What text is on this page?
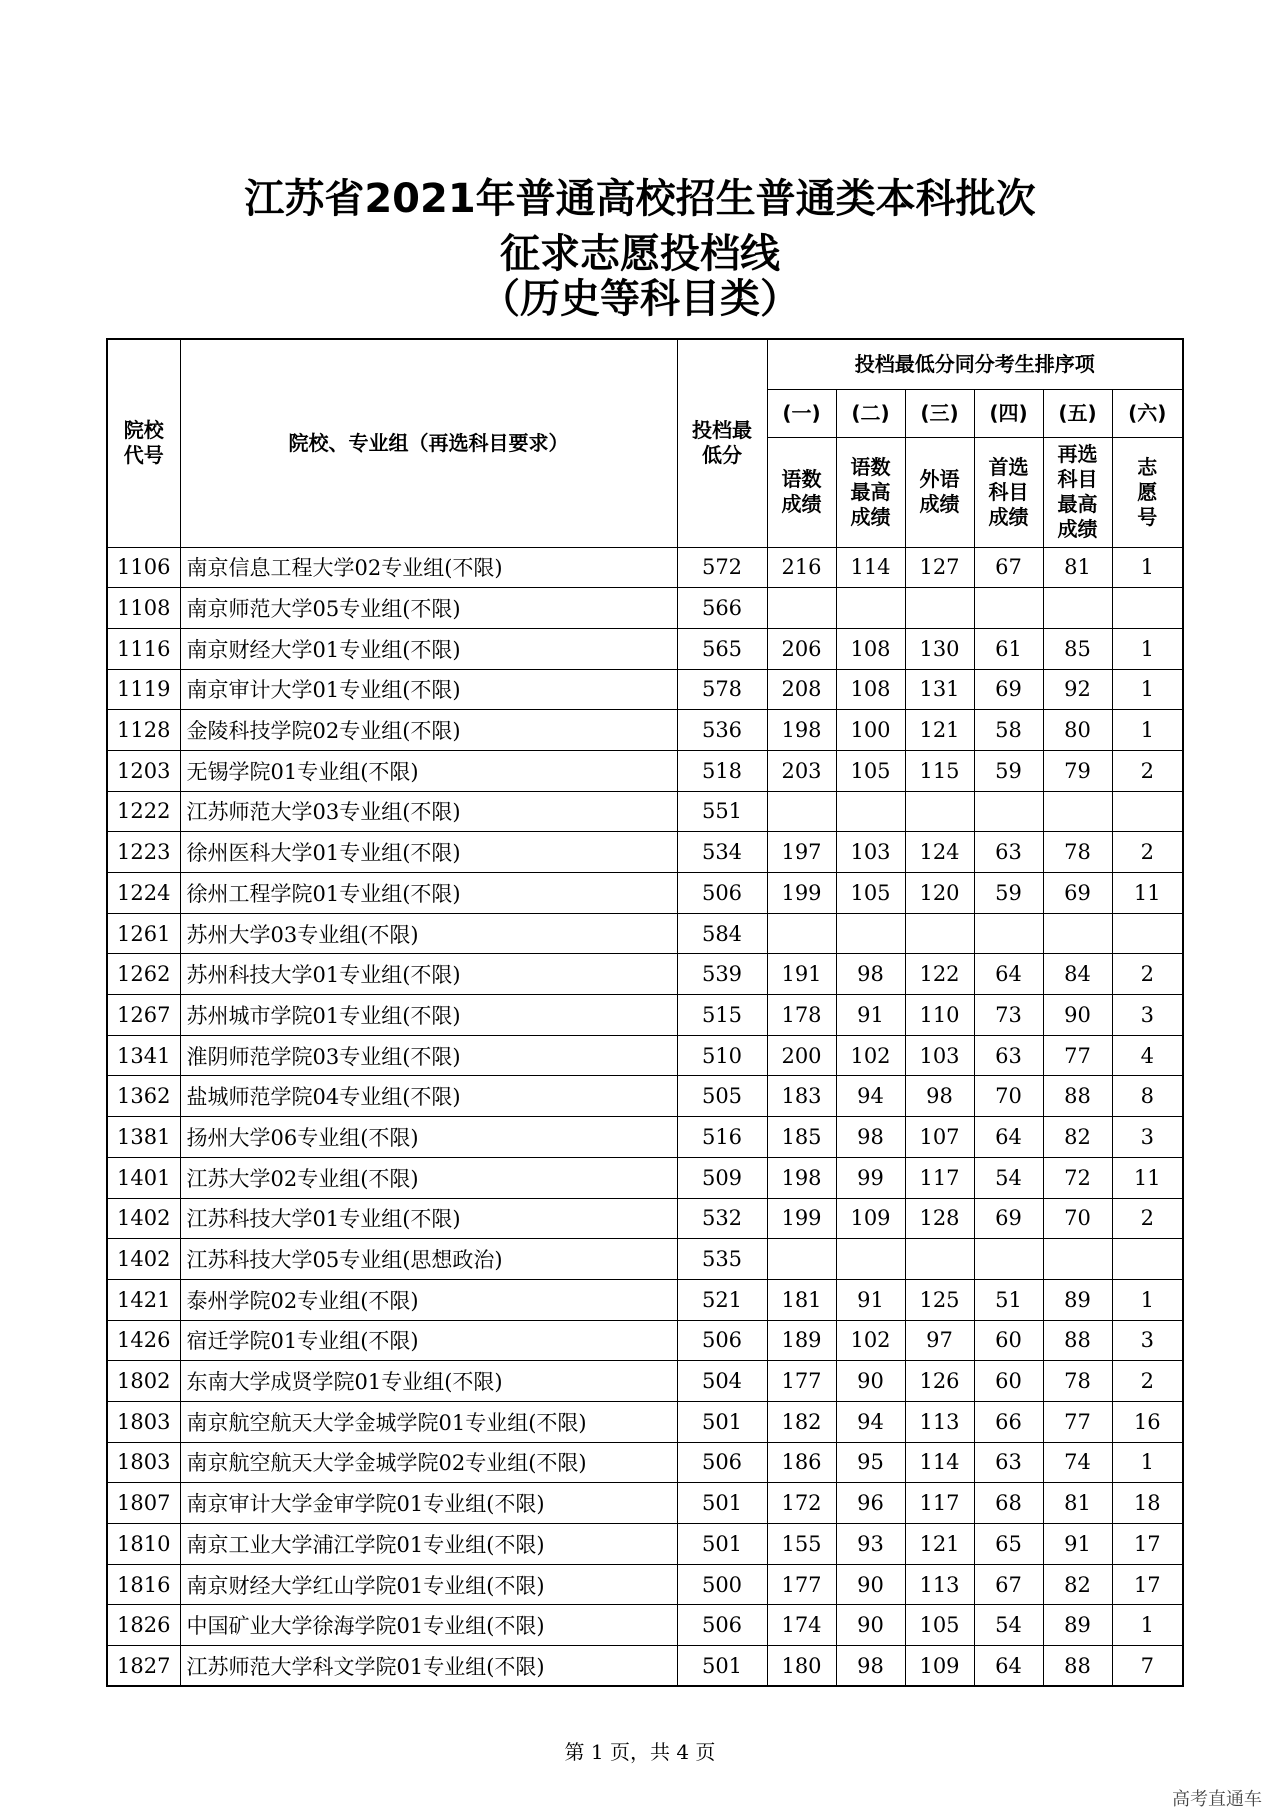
江苏省2021年普通高校招生普通类本科批次
征求志愿投档线
（历史等科目类）
院校代号	院校、专业组（再选科目要求）	投档最低分	投档最低分同分考生排序项					
			(一)	(二)	(三)	(四)	(五)	(六)
			语数成绩	语数最高成绩	外语成绩	首选科目成绩	再选科目最高成绩	志愿号
1106	南京信息工程大学02专业组(不限)	572	216	114	127	67	81	1
1108	南京师范大学05专业组(不限)	566						
1116	南京财经大学01专业组(不限)	565	206	108	130	61	85	1
1119	南京审计大学01专业组(不限)	578	208	108	131	69	92	1
1128	金陵科技学院02专业组(不限)	536	198	100	121	58	80	1
1203	无锡学院01专业组(不限)	518	203	105	115	59	79	2
1222	江苏师范大学03专业组(不限)	551						
1223	徐州医科大学01专业组(不限)	534	197	103	124	63	78	2
1224	徐州工程学院01专业组(不限)	506	199	105	120	59	69	11
1261	苏州大学03专业组(不限)	584						
1262	苏州科技大学01专业组(不限)	539	191	98	122	64	84	2
1267	苏州城市学院01专业组(不限)	515	178	91	110	73	90	3
1341	淮阴师范学院03专业组(不限)	510	200	102	103	63	77	4
1362	盐城师范学院04专业组(不限)	505	183	94	98	70	88	8
1381	扬州大学06专业组(不限)	516	185	98	107	64	82	3
1401	江苏大学02专业组(不限)	509	198	99	117	54	72	11
1402	江苏科技大学01专业组(不限)	532	199	109	128	69	70	2
1402	江苏科技大学05专业组(思想政治)	535						
1421	泰州学院02专业组(不限)	521	181	91	125	51	89	1
1426	宿迁学院01专业组(不限)	506	189	102	97	60	88	3
1802	东南大学成贤学院01专业组(不限)	504	177	90	126	60	78	2
1803	南京航空航天大学金城学院01专业组(不限)	501	182	94	113	66	77	16
1803	南京航空航天大学金城学院02专业组(不限)	506	186	95	114	63	74	1
1807	南京审计大学金审学院01专业组(不限)	501	172	96	117	68	81	18
1810	南京工业大学浦江学院01专业组(不限)	501	155	93	121	65	91	17
1816	南京财经大学红山学院01专业组(不限)	500	177	90	113	67	82	17
1826	中国矿业大学徐海学院01专业组(不限)	506	174	90	105	54	89	1
1827	江苏师范大学科文学院01专业组(不限)	501	180	98	109	64	88	7
第 1 页，共 4 页
高考直通车
